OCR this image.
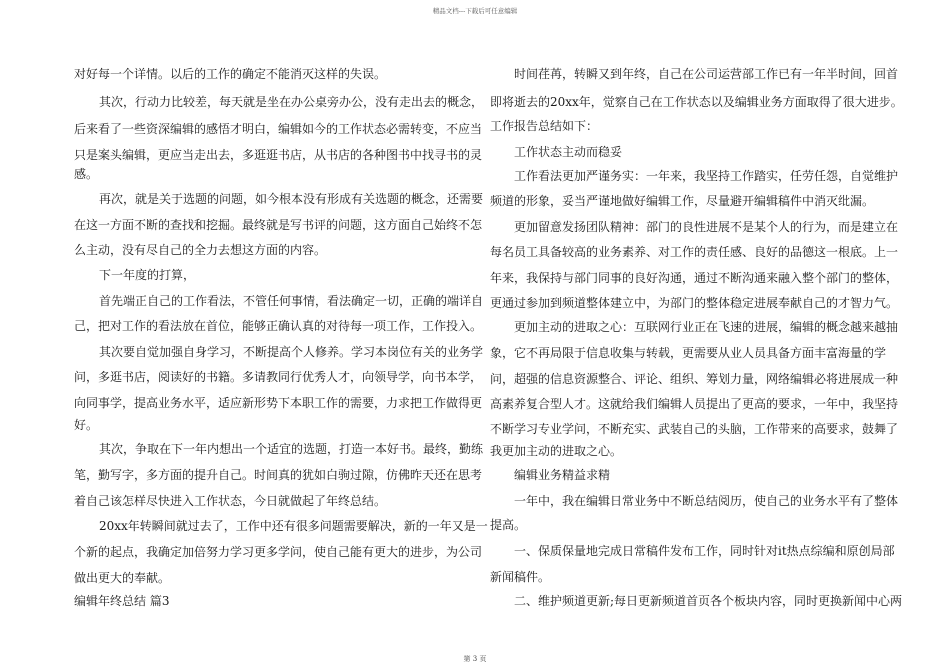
精品文档---下载后可任意编辑
对好每一个详情。以后的工作的确定不能消灭这样的失误。
其次，行动力比较差，每天就是坐在办公桌旁办公，没有走出去的概念，
后来看了一些资深编辑的感悟才明白，编辑如今的工作状态必需转变，不应当
只是案头编辑，更应当走出去，多逛逛书店，从书店的各种图书中找寻书的灵
感。
再次，就是关于选题的问题，如今根本没有形成有关选题的概念，还需要
在这一方面不断的查找和挖掘。最终就是写书评的问题，这方面自己始终不怎
么主动，没有尽自己的全力去想这方面的内容。
下一年度的打算，
首先端正自己的工作看法，不管任何事情，看法确定一切，正确的端详自
己，把对工作的看法放在首位，能够正确认真的对待每一项工作，工作投入。
其次要自觉加强自身学习，不断提高个人修养。学习本岗位有关的业务学
问，多逛书店，阅读好的书籍。多请教同行优秀人才，向领导学，向书本学，
向同事学，提高业务水平，适应新形势下本职工作的需要，力求把工作做得更
好。
其次，争取在下一年内想出一个适宜的选题，打造一本好书。最终，勤练
笔，勤写字，多方面的提升自己。时间真的犹如白驹过隙，仿佛昨天还在思考
着自己该怎样尽快进入工作状态，今日就做起了年终总结。
20xx年转瞬间就过去了，工作中还有很多问题需要解决，新的一年又是一
个新的起点，我确定加倍努力学习更多学问，使自己能有更大的进步，为公司
做出更大的奉献。
编辑年终总结 篇3
时间荏苒，转瞬又到年终，自己在公司运营部工作已有一年半时间，回首
即将逝去的20xx年，觉察自己在工作状态以及编辑业务方面取得了很大进步。
工作报告总结如下：
工作状态主动而稳妥
工作看法更加严谨务实：一年来，我坚持工作踏实，任劳任怨，自觉维护
频道的形象，妥当严谨地做好编辑工作，尽量避开编辑稿件中消灭纰漏。
更加留意发扬团队精神：部门的良性进展不是某个人的行为，而是建立在
每名员工具备较高的业务素养、对工作的责任感、良好的品德这一根底。上一
年来，我保持与部门同事的良好沟通，通过不断沟通来融入整个部门的整体，
更通过参加到频道整体建立中，为部门的整体稳定进展奉献自己的才智力气。
更加主动的进取之心：互联网行业正在飞速的进展，编辑的概念越来越抽
象，它不再局限于信息收集与转载，更需要从业人员具备方面丰富海量的学
问，超强的信息资源整合、评论、组织、筹划力量，网络编辑必将进展成一种
高素养复合型人才。这就给我们编辑人员提出了更高的要求，一年中，我坚持
不断学习专业学问，不断充实、武装自己的头脑，工作带来的高要求，鼓舞了
我更加主动的进取之心。
编辑业务精益求精
一年中，我在编辑日常业务中不断总结阅历，使自己的业务水平有了整体
提高。
一、保质保量地完成日常稿件发布工作，同时针对it热点综编和原创局部
新闻稿件。
二、维护频道更新;每日更新频道首页各个板块内容，同时更换新闻中心两
第 3 页
